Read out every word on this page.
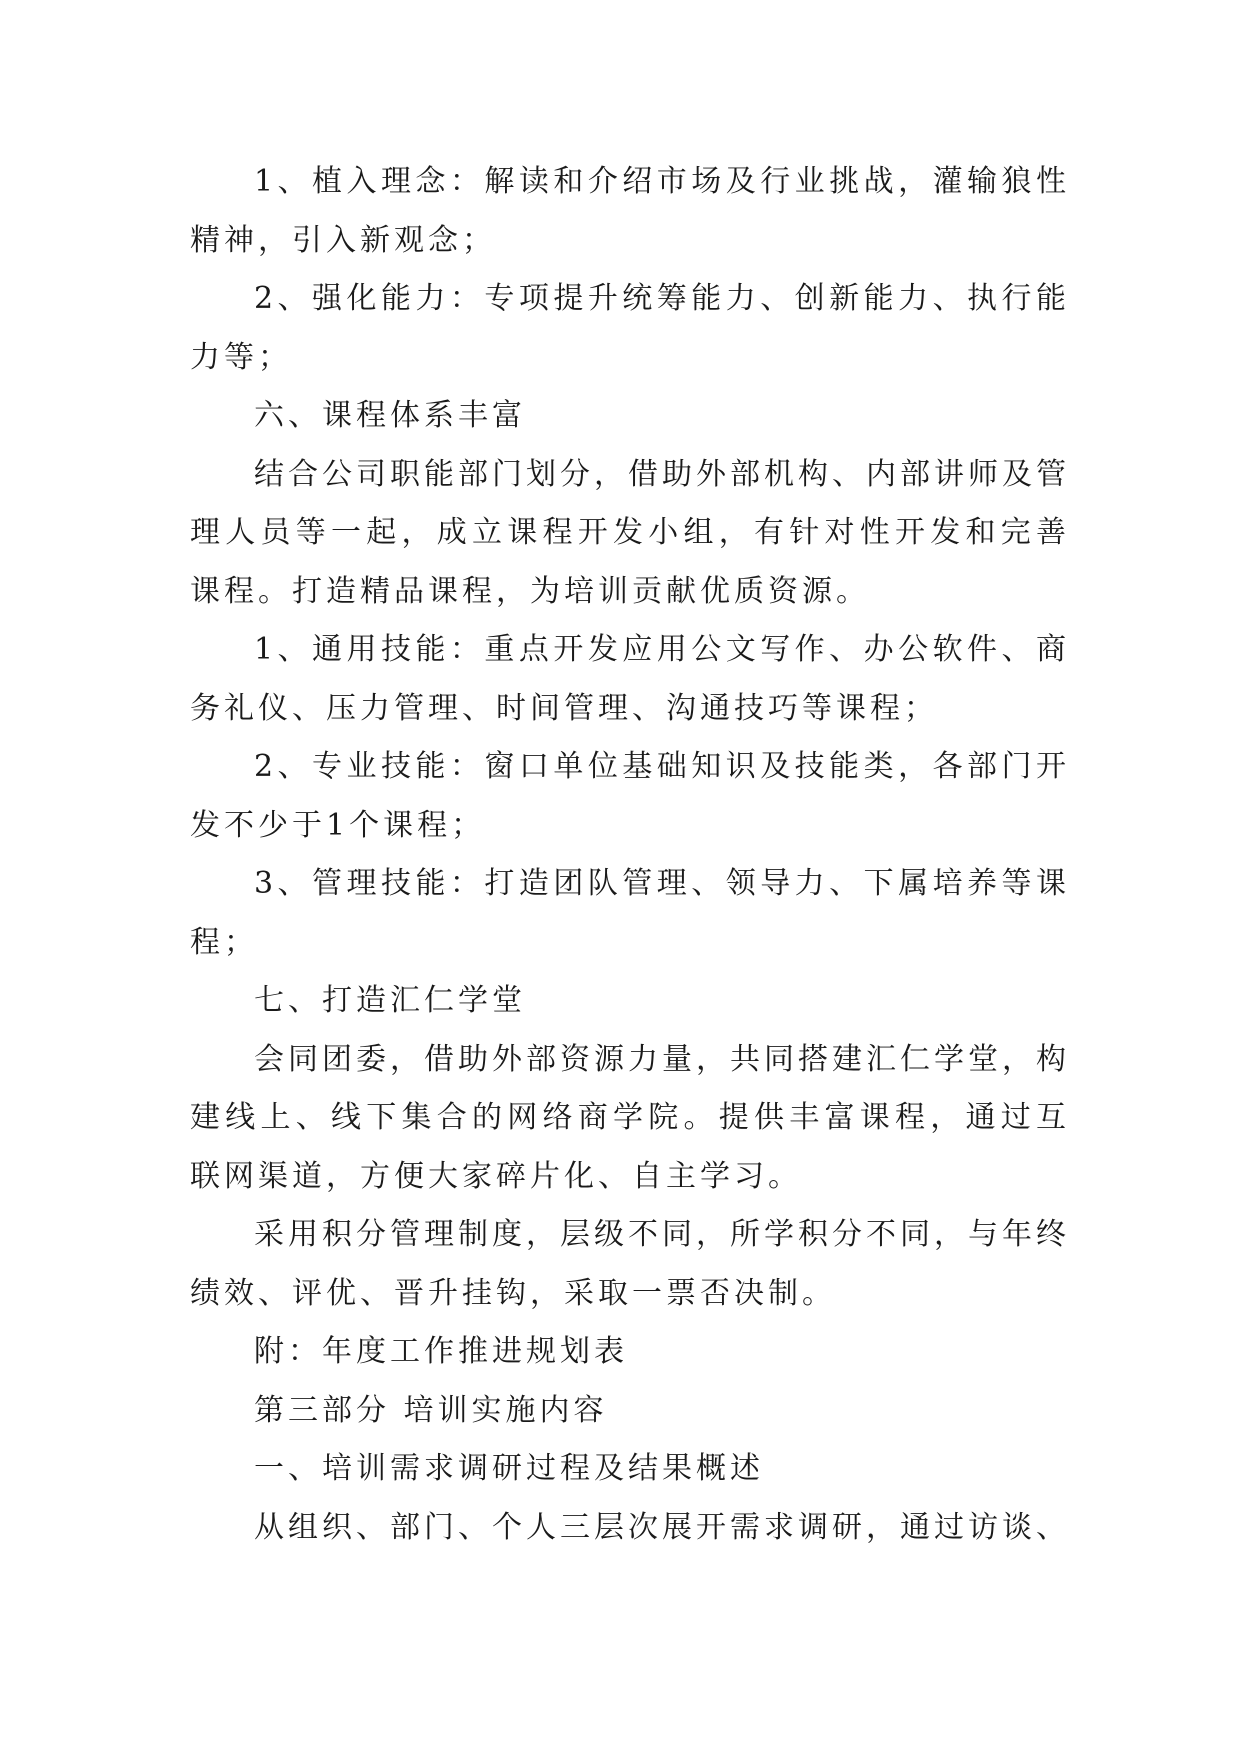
1、植入理念：解读和介绍市场及行业挑战，灌输狼性精神，引入新观念；

2、强化能力：专项提升统筹能力、创新能力、执行能力等；

六、课程体系丰富

结合公司职能部门划分，借助外部机构、内部讲师及管理人员等一起，成立课程开发小组，有针对性开发和完善课程。打造精品课程，为培训贡献优质资源。

1、通用技能：重点开发应用公文写作、办公软件、商务礼仪、压力管理、时间管理、沟通技巧等课程；

2、专业技能：窗口单位基础知识及技能类，各部门开发不少于1个课程；

3、管理技能：打造团队管理、领导力、下属培养等课程；

七、打造汇仁学堂

会同团委，借助外部资源力量，共同搭建汇仁学堂，构建线上、线下集合的网络商学院。提供丰富课程，通过互联网渠道，方便大家碎片化、自主学习。

采用积分管理制度，层级不同，所学积分不同，与年终绩效、评优、晋升挂钩，采取一票否决制。

附：年度工作推进规划表

第三部分 培训实施内容

一、培训需求调研过程及结果概述

从组织、部门、个人三层次展开需求调研，通过访谈、
